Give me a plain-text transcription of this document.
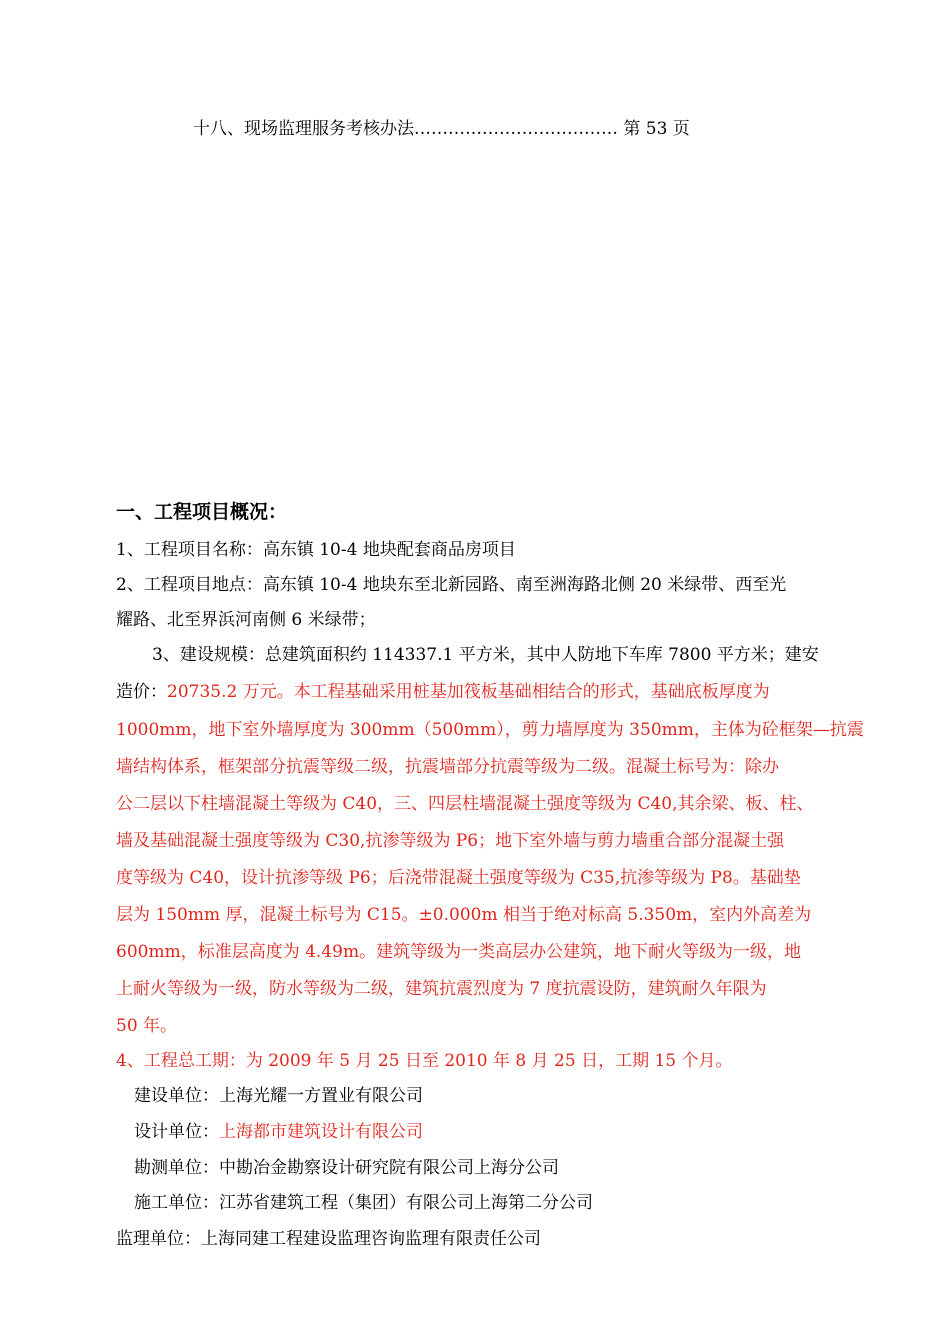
十八、现场监理服务考核办法……………………………… 第 53 页
一、工程项目概况：
1、工程项目名称：高东镇 10-4 地块配套商品房项目
2、工程项目地点：高东镇 10-4 地块东至北新园路、南至洲海路北侧 20 米绿带、西至光
耀路、北至界浜河南侧 6 米绿带；
3、建设规模：总建筑面积约 114337.1 平方米，其中人防地下车库 7800 平方米；建安
造价：20735.2 万元。本工程基础采用桩基加筏板基础相结合的形式，基础底板厚度为
1000mm，地下室外墙厚度为 300mm（500mm），剪力墙厚度为 350mm，主体为砼框架—抗震
墙结构体系，框架部分抗震等级二级，抗震墙部分抗震等级为二级。混凝土标号为：除办
公二层以下柱墙混凝土等级为 C40，三、四层柱墙混凝土强度等级为 C40,其余梁、板、柱、
墙及基础混凝土强度等级为 C30,抗渗等级为 P6；地下室外墙与剪力墙重合部分混凝土强
度等级为 C40，设计抗渗等级 P6；后浇带混凝土强度等级为 C35,抗渗等级为 P8。基础垫
层为 150mm 厚，混凝土标号为 C15。±0.000m 相当于绝对标高 5.350m，室内外高差为
600mm，标准层高度为 4.49m。建筑等级为一类高层办公建筑，地下耐火等级为一级，地
上耐火等级为一级，防水等级为二级，建筑抗震烈度为 7 度抗震设防，建筑耐久年限为
50 年。
4、工程总工期：为 2009 年 5 月 25 日至 2010 年 8 月 25 日，工期 15 个月。
建设单位：上海光耀一方置业有限公司
设计单位：上海都市建筑设计有限公司
勘测单位：中勘冶金勘察设计研究院有限公司上海分公司
施工单位：江苏省建筑工程（集团）有限公司上海第二分公司
监理单位：上海同建工程建设监理咨询监理有限责任公司
